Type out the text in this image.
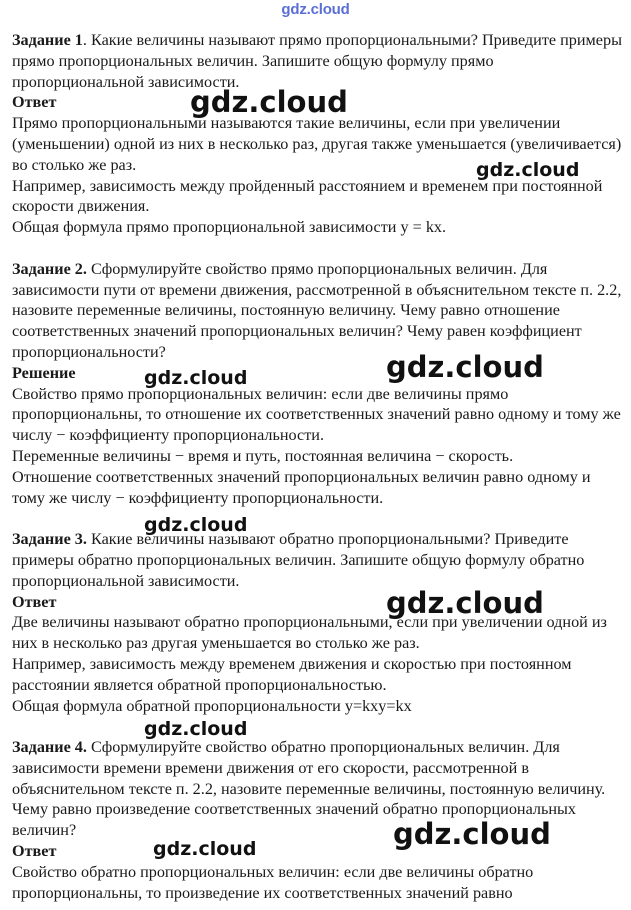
gdz.cloud

Задание 1. Какие величины называют прямо пропорциональными? Приведите примеры прямо пропорциональных величин. Запишите общую формулу прямо пропорциональной зависимости.

Ответ

Прямо пропорциональными называются такие величины, если при увеличении (уменьшении) одной из них в несколько раз, другая также уменьшается (увеличивается) во столько же раз.

Например, зависимость между пройденный расстоянием и временем при постоянной скорости движения.

Общая формула прямо пропорциональной зависимости y = kx.

Задание 2. Сформулируйте свойство прямо пропорциональных величин. Для зависимости пути от времени движения, рассмотренной в объяснительном тексте п. 2.2, назовите переменные величины, постоянную величину. Чему равно отношение соответственных значений пропорциональных величин? Чему равен коэффициент пропорциональности?

Решение

Свойство прямо пропорциональных величин: если две величины прямо пропорциональны, то отношение их соответственных значений равно одному и тому же числу − коэффициенту пропорциональности.

Переменные величины − время и путь, постоянная величина − скорость.

Отношение соответственных значений пропорциональных величин равно одному и тому же числу − коэффициенту пропорциональности.

Задание 3. Какие величины называют обратно пропорциональными? Приведите примеры обратно пропорциональных величин. Запишите общую формулу обратно пропорциональной зависимости.

Ответ

Две величины называют обратно пропорциональными, если при увеличении одной из них в несколько раз другая уменьшается во столько же раз.

Например, зависимость между временем движения и скоростью при постоянном расстоянии является обратной пропорциональностью.

Общая формула обратной пропорциональности y=kxy=kx

Задание 4. Сформулируйте свойство обратно пропорциональных величин. Для зависимости времени времени движения от его скорости, рассмотренной в объяснительном тексте п. 2.2, назовите переменные величины, постоянную величину. Чему равно произведение соответственных значений обратно пропорциональных величин?

Ответ

Свойство обратно пропорциональных величин: если две величины обратно пропорциональны, то произведение их соответственных значений равно

gdz.cloud
gdz.cloud
gdz.cloud
gdz.cloud
gdz.cloud
gdz.cloud
gdz.cloud
gdz.cloud
gdz.cloud
